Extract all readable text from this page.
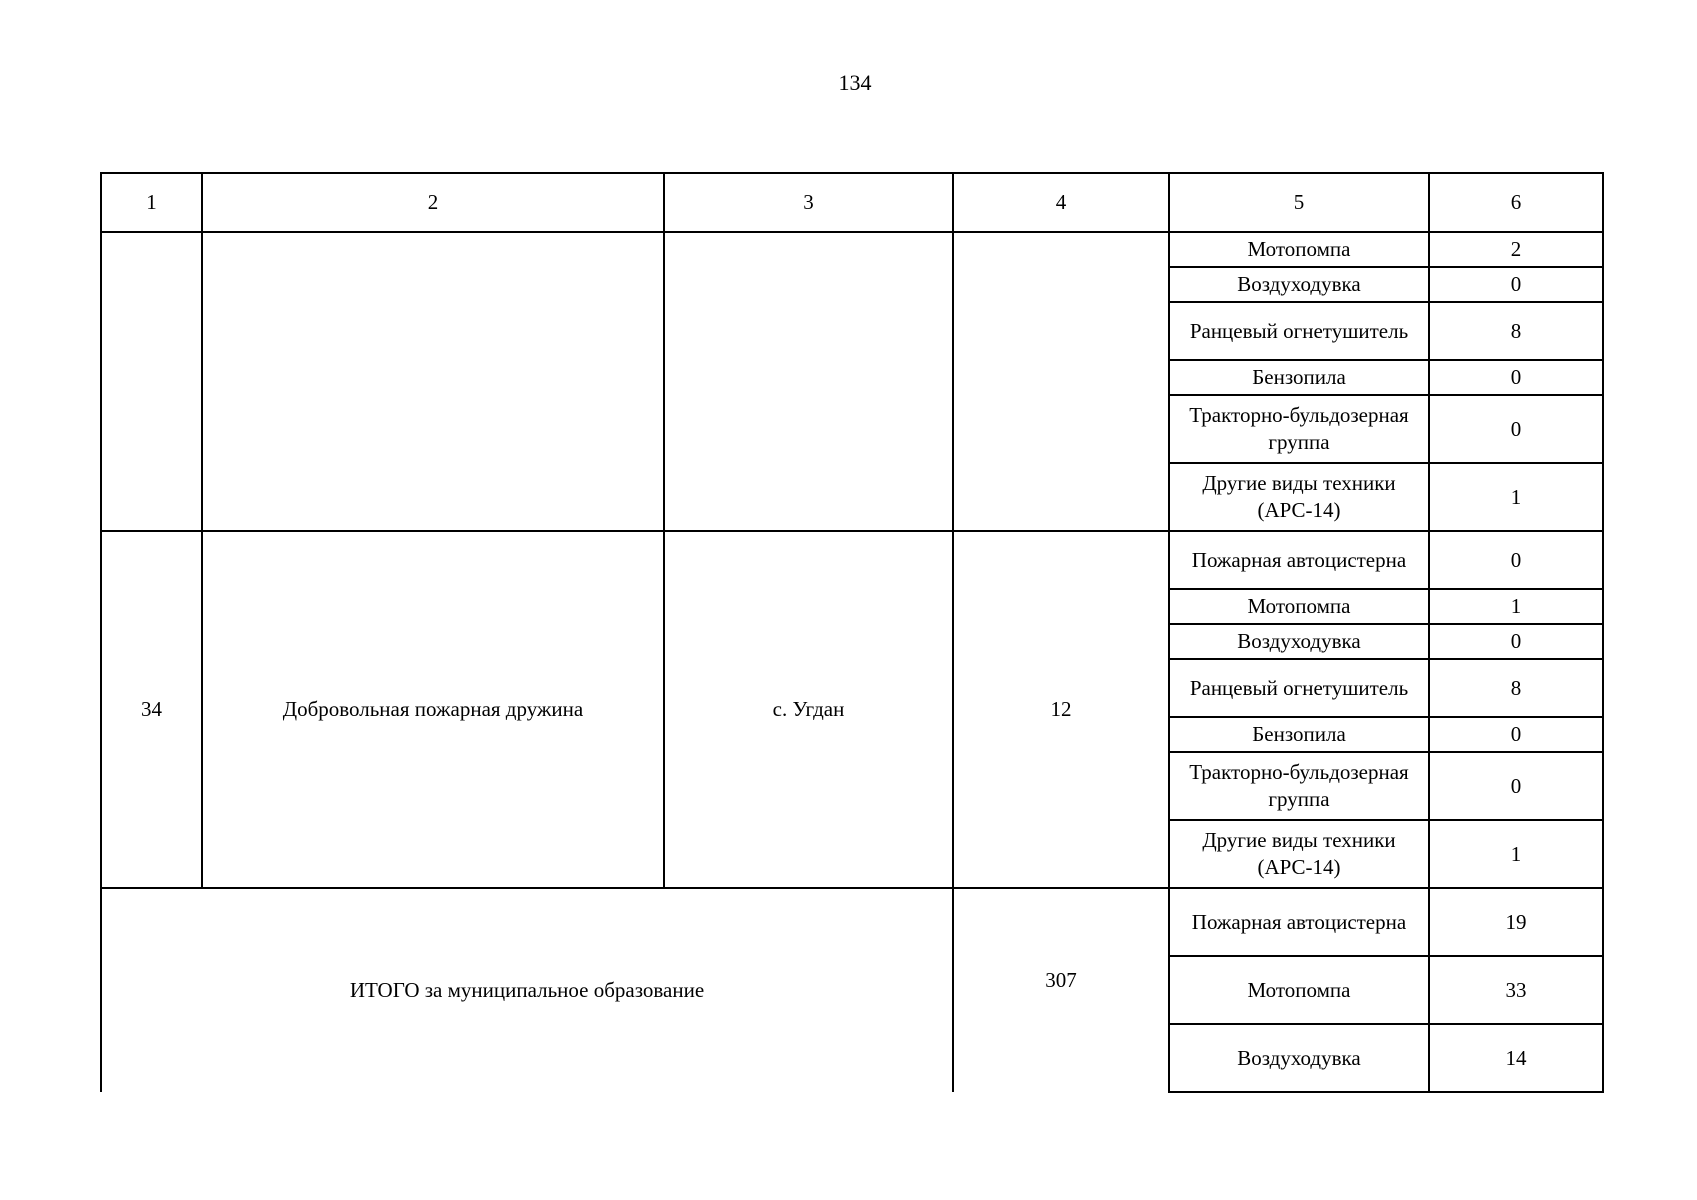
134
1	2	3	4	5	6
				Мотопомпа	2
				Воздуходувка	0
				Ранцевый огнетушитель	8
				Бензопила	0
				Тракторно-бульдозерная группа	0
				Другие виды техники (АРС-14)	1
34	Добровольная пожарная дружина	с. Угдан	12	Пожарная автоцистерна	0
				Мотопомпа	1
				Воздуходувка	0
				Ранцевый огнетушитель	8
				Бензопила	0
				Тракторно-бульдозерная группа	0
				Другие виды техники (АРС-14)	1
ИТОГО за муниципальное образование			307	Пожарная автоцистерна	19
				Мотопомпа	33
				Воздуходувка	14
